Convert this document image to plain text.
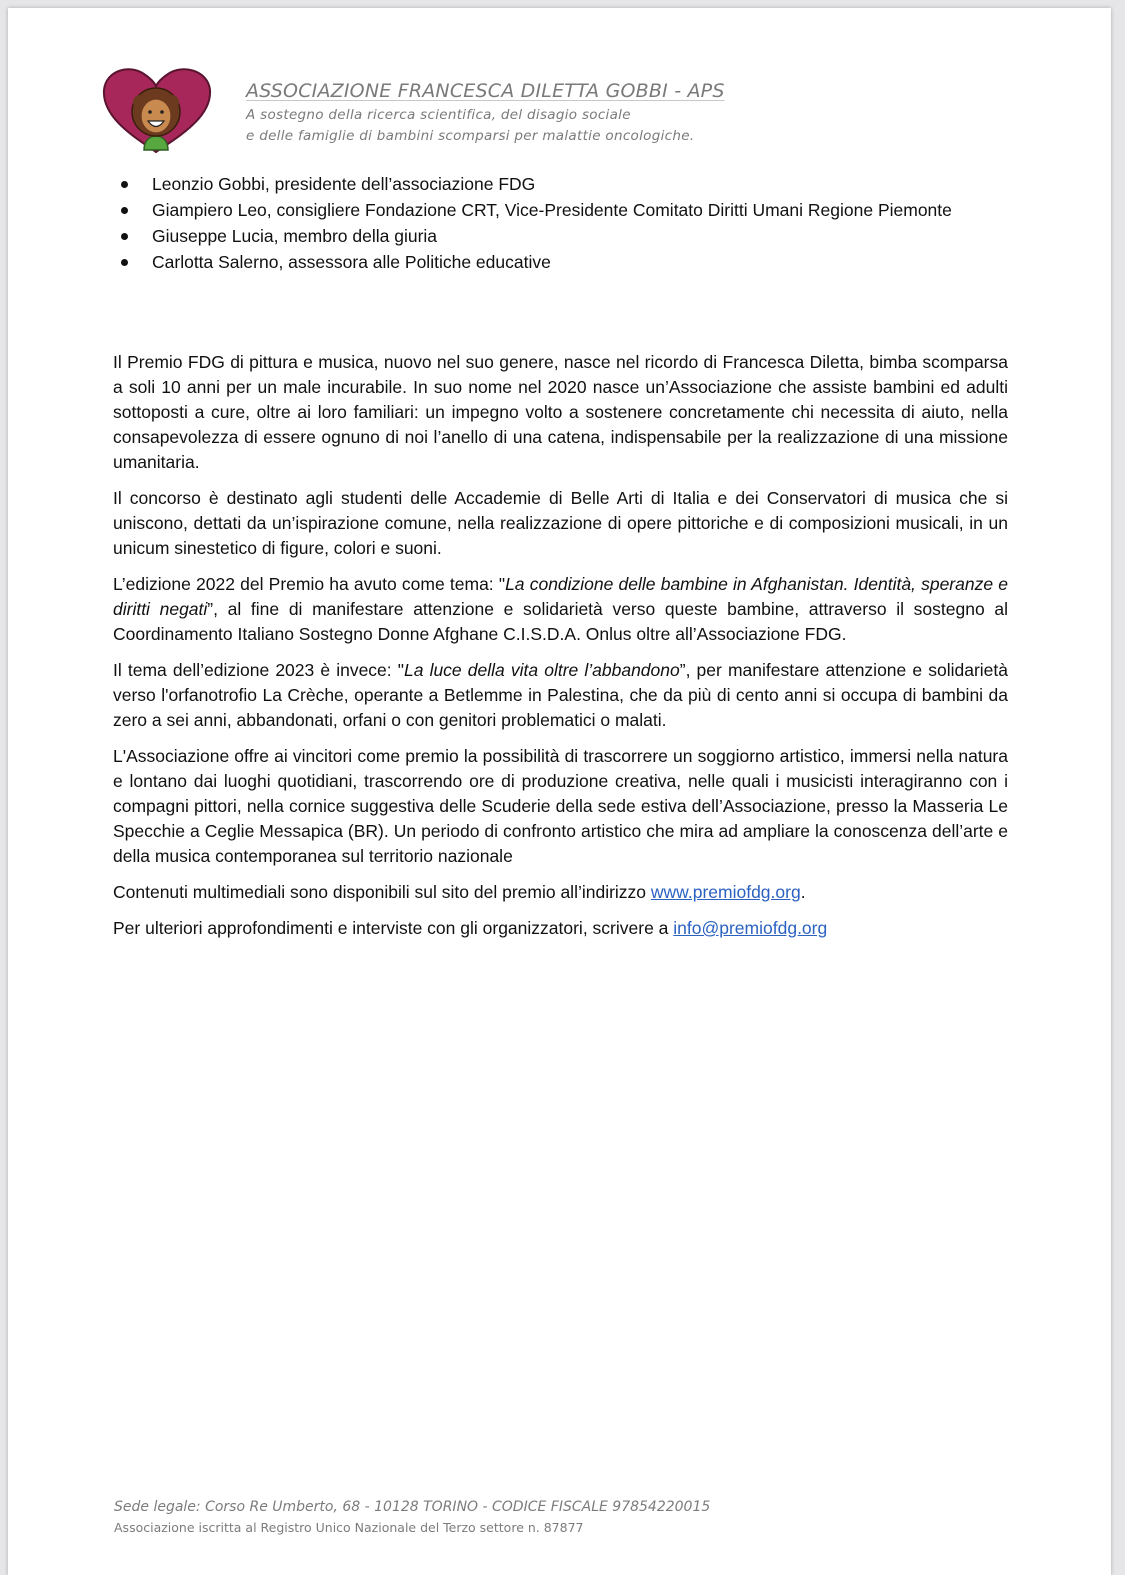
ASSOCIAZIONE FRANCESCA DILETTA GOBBI - APS
A sostegno della ricerca scientifica, del disagio sociale
e delle famiglie di bambini scomparsi per malattie oncologiche.
Leonzio Gobbi, presidente dell’associazione FDG
Giampiero Leo, consigliere Fondazione CRT, Vice-Presidente Comitato Diritti Umani Regione Piemonte
Giuseppe Lucia, membro della giuria
Carlotta Salerno, assessora alle Politiche educative

Il Premio FDG di pittura e musica, nuovo nel suo genere, nasce nel ricordo di Francesca Diletta, bimba scomparsa a soli 10 anni per un male incurabile. In suo nome nel 2020 nasce un’Associazione che assiste bambini ed adulti sottoposti a cure, oltre ai loro familiari: un impegno volto a sostenere concretamente chi necessita di aiuto, nella consapevolezza di essere ognuno di noi l’anello di una catena, indispensabile per la realizzazione di una missione umanitaria.

Il concorso è destinato agli studenti delle Accademie di Belle Arti di Italia e dei Conservatori di musica che si uniscono, dettati da un’ispirazione comune, nella realizzazione di opere pittoriche e di composizioni musicali, in un unicum sinestetico di figure, colori e suoni.

L’edizione 2022 del Premio ha avuto come tema: "La condizione delle bambine in Afghanistan. Identità, speranze e diritti negati”, al fine di manifestare attenzione e solidarietà verso queste bambine, attraverso il sostegno al Coordinamento Italiano Sostegno Donne Afghane C.I.S.D.A. Onlus oltre all’Associazione FDG.

Il tema dell’edizione 2023 è invece: "La luce della vita oltre l’abbandono”, per manifestare attenzione e solidarietà verso l'orfanotrofio La Crèche, operante a Betlemme in Palestina, che da più di cento anni si occupa di bambini da zero a sei anni, abbandonati, orfani o con genitori problematici o malati.

L'Associazione offre ai vincitori come premio la possibilità di trascorrere un soggiorno artistico, immersi nella natura e lontano dai luoghi quotidiani, trascorrendo ore di produzione creativa, nelle quali i musicisti interagiranno con i compagni pittori, nella cornice suggestiva delle Scuderie della sede estiva dell’Associazione, presso la Masseria Le Specchie a Ceglie Messapica (BR). Un periodo di confronto artistico che mira ad ampliare la conoscenza dell’arte e della musica contemporanea sul territorio nazionale

Contenuti multimediali sono disponibili sul sito del premio all’indirizzo www.premiofdg.org.

Per ulteriori approfondimenti e interviste con gli organizzatori, scrivere a info@premiofdg.org

Sede legale: Corso Re Umberto, 68 - 10128 TORINO - CODICE FISCALE 97854220015
Associazione iscritta al Registro Unico Nazionale del Terzo settore n. 87877
